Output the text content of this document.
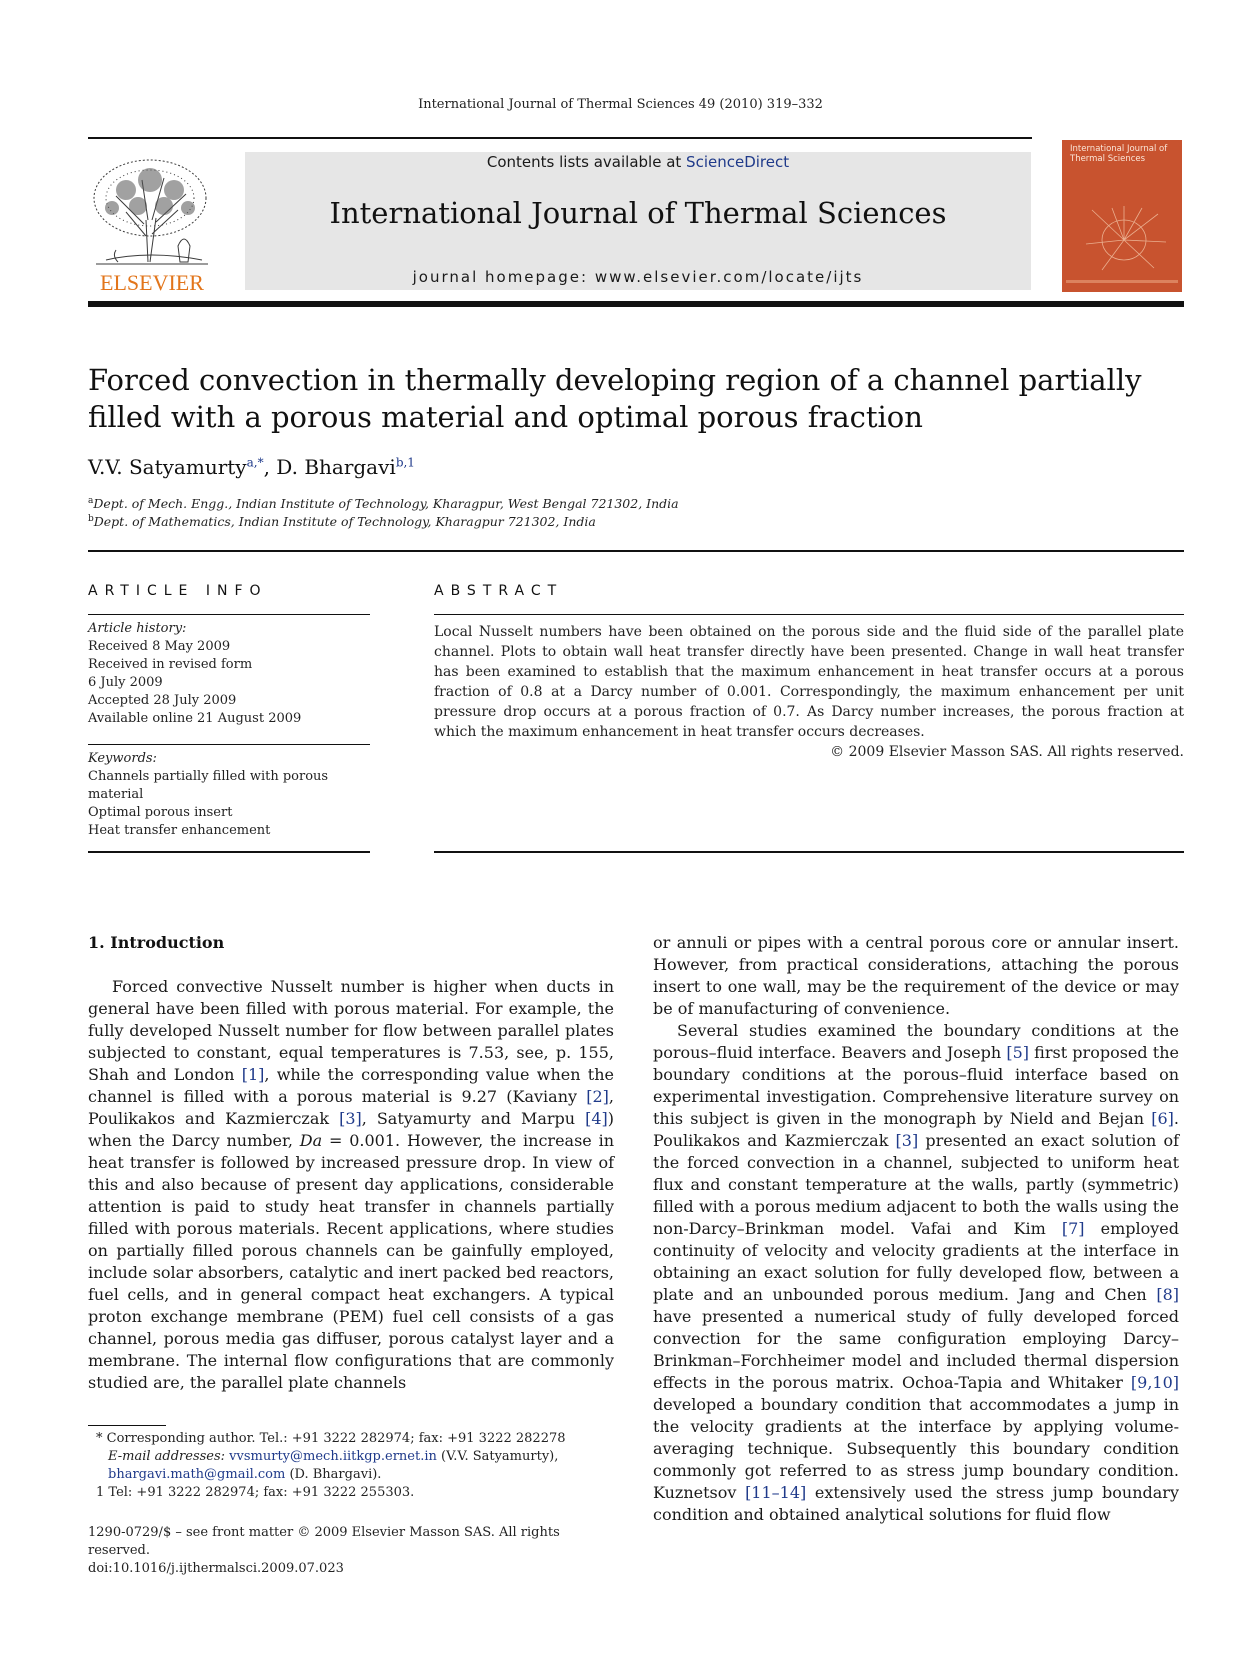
International Journal of Thermal Sciences 49 (2010) 319–332
ELSEVIER
Contents lists available at ScienceDirect
International Journal of Thermal Sciences
journal homepage: www.elsevier.com/locate/ijts
International Journal of Thermal Sciences
Forced convection in thermally developing region of a channel partially filled with a porous material and optimal porous fraction
V.V. Satyamurty$^{a,*}$, D. Bhargavi$^{b,1}$
$^a$Dept. of Mech. Engg., Indian Institute of Technology, Kharagpur, West Bengal 721302, India
$^b$Dept. of Mathematics, Indian Institute of Technology, Kharagpur 721302, India
ARTICLE INFO
Article history:
Received 8 May 2009
Received in revised form
6 July 2009
Accepted 28 July 2009
Available online 21 August 2009
Keywords:
Channels partially filled with porous
material
Optimal porous insert
Heat transfer enhancement
ABSTRACT
Local Nusselt numbers have been obtained on the porous side and the fluid side of the parallel plate channel. Plots to obtain wall heat transfer directly have been presented. Change in wall heat transfer has been examined to establish that the maximum enhancement in heat transfer occurs at a porous fraction of 0.8 at a Darcy number of 0.001. Correspondingly, the maximum enhancement per unit pressure drop occurs at a porous fraction of 0.7. As Darcy number increases, the porous fraction at which the maximum enhancement in heat transfer occurs decreases.
© 2009 Elsevier Masson SAS. All rights reserved.
1. Introduction
Forced convective Nusselt number is higher when ducts in general have been filled with porous material. For example, the fully developed Nusselt number for flow between parallel plates subjected to constant, equal temperatures is 7.53, see, p. 155, Shah and London [1], while the corresponding value when the channel is filled with a porous material is 9.27 (Kaviany [2], Poulikakos and Kazmierczak [3], Satyamurty and Marpu [4]) when the Darcy number, Da = 0.001. However, the increase in heat transfer is followed by increased pressure drop. In view of this and also because of present day applications, considerable attention is paid to study heat transfer in channels partially filled with porous materials. Recent applications, where studies on partially filled porous channels can be gainfully employed, include solar absorbers, catalytic and inert packed bed reactors, fuel cells, and in general compact heat exchangers. A typical proton exchange membrane (PEM) fuel cell consists of a gas channel, porous media gas diffuser, porous catalyst layer and a membrane. The internal flow configurations that are commonly studied are, the parallel plate channels
or annuli or pipes with a central porous core or annular insert. However, from practical considerations, attaching the porous insert to one wall, may be the requirement of the device or may be of manufacturing of convenience.
Several studies examined the boundary conditions at the porous–fluid interface. Beavers and Joseph [5] first proposed the boundary conditions at the porous–fluid interface based on experimental investigation. Comprehensive literature survey on this subject is given in the monograph by Nield and Bejan [6]. Poulikakos and Kazmierczak [3] presented an exact solution of the forced convection in a channel, subjected to uniform heat flux and constant temperature at the walls, partly (symmetric) filled with a porous medium adjacent to both the walls using the non-Darcy–Brinkman model. Vafai and Kim [7] employed continuity of velocity and velocity gradients at the interface in obtaining an exact solution for fully developed flow, between a plate and an unbounded porous medium. Jang and Chen [8] have presented a numerical study of fully developed forced convection for the same configuration employing Darcy–Brinkman–Forchheimer model and included thermal dispersion effects in the porous matrix. Ochoa-Tapia and Whitaker [9,10] developed a boundary condition that accommodates a jump in the velocity gradients at the interface by applying volume-averaging technique. Subsequently this boundary condition commonly got referred to as stress jump boundary condition. Kuznetsov [11–14] extensively used the stress jump boundary condition and obtained analytical solutions for fluid flow
* Corresponding author. Tel.: +91 3222 282974; fax: +91 3222 282278
E-mail addresses: vvsmurty@mech.iitkgp.ernet.in (V.V. Satyamurty), bhargavi.math@gmail.com (D. Bhargavi).
1 Tel: +91 3222 282974; fax: +91 3222 255303.
1290-0729/$ – see front matter © 2009 Elsevier Masson SAS. All rights reserved.
doi:10.1016/j.ijthermalsci.2009.07.023
